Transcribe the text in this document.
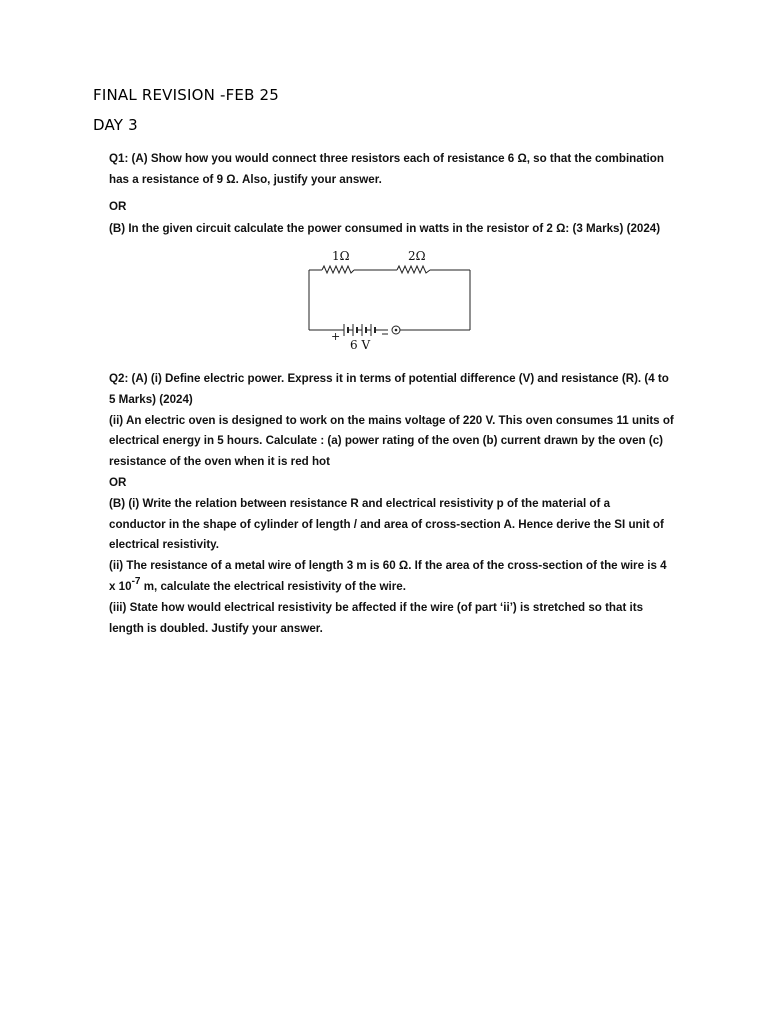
FINAL REVISION -FEB 25
DAY 3

Q1: (A) Show how you would connect three resistors each of resistance 6 Ω, so that the combination

has a resistance of 9 Ω. Also, justify your answer.

OR
(B) In the given circuit calculate the power consumed in watts in the resistor of 2 Ω: (3 Marks) (2024)
1Ω	2Ω
+
6 V

Q2: (A) (i) Define electric power. Express it in terms of potential difference (V) and resistance (R). (4 to

5 Marks) (2024)

(ii) An electric oven is designed to work on the mains voltage of 220 V. This oven consumes 11 units of

electrical energy in 5 hours. Calculate : (a) power rating of the oven (b) current drawn by the oven (c)

resistance of the oven when it is red hot

OR

(B) (i) Write the relation between resistance R and electrical resistivity p of the material of a

conductor in the shape of cylinder of length / and area of cross-section A. Hence derive the SI unit of

electrical resistivity.

(ii) The resistance of a metal wire of length 3 m is 60 Ω. If the area of the cross-section of the wire is 4

x $10^{-7}$ m, calculate the electrical resistivity of the wire.

(iii) State how would electrical resistivity be affected if the wire (of part ‘ii’) is stretched so that its

length is doubled. Justify your answer.
